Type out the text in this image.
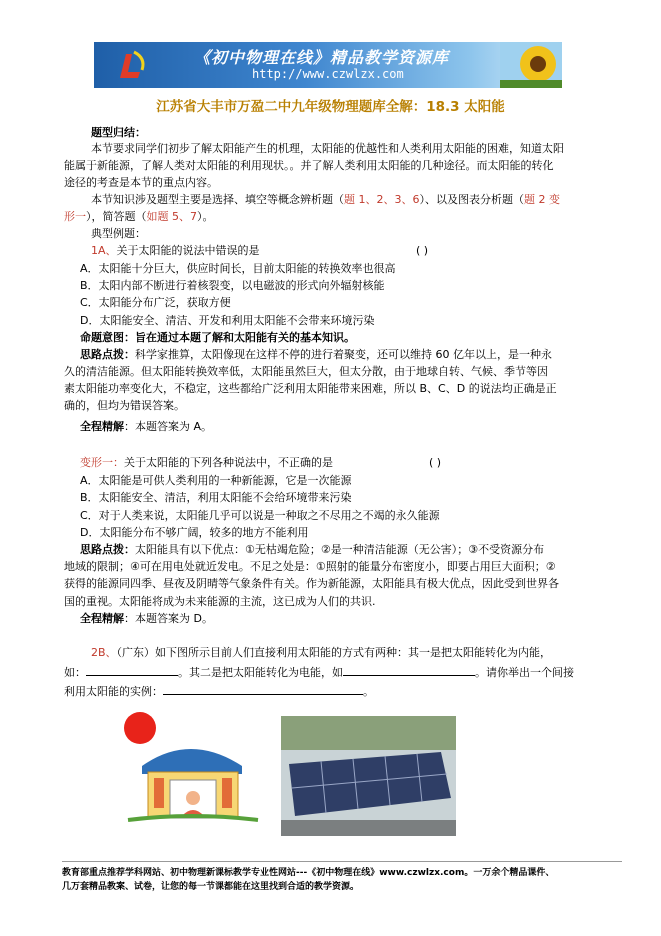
《初中物理在线》精品教学资源库
http://www.czwlzx.com
江苏省大丰市万盈二中九年级物理题库全解：18.3 太阳能
题型归结：
本节要求同学们初步了解太阳能产生的机理，太阳能的优越性和人类利用太阳能的困难，知道太阳
能属于新能源，了解人类对太阳能的利用现状。。并了解人类利用太阳能的几种途径。而太阳能的转化
途径的考查是本节的重点内容。
本节知识涉及题型主要是选择、填空等概念辨析题（题 1、2、3、6）、以及图表分析题（题 2 变
形一），简答题（如题 5、7）。
典型例题：
1A、关于太阳能的说法中错误的是	( )
A．太阳能十分巨大，供应时间长，目前太阳能的转换效率也很高
B．太阳内部不断进行着核裂变，以电磁波的形式向外辐射核能
C．太阳能分布广泛，获取方便
D．太阳能安全、清洁、开发和利用太阳能不会带来环境污染
命题意图：旨在通过本题了解和太阳能有关的基本知识。
思路点拨：科学家推算，太阳像现在这样不停的进行着聚变，还可以维持 60 亿年以上，是一种永
久的清洁能源。但太阳能转换效率低，太阳能虽然巨大，但太分散，由于地球自转、气候、季节等因
素太阳能功率变化大，不稳定，这些都给广泛利用太阳能带来困难，所以 B、C、D 的说法均正确是正
确的，但均为错误答案。
全程精解：本题答案为 A。
变形一：关于太阳能的下列各种说法中，不正确的是	( )
A．太阳能是可供人类利用的一种新能源，它是一次能源
B．太阳能安全、清洁，利用太阳能不会给环境带来污染
C．对于人类来说，太阳能几乎可以说是一种取之不尽用之不竭的永久能源
D．太阳能分布不够广阔，较多的地方不能利用
思路点拨：太阳能具有以下优点：①无枯竭危险；②是一种清洁能源（无公害）；③不受资源分布
地域的限制；④可在用电处就近发电。不足之处是：①照射的能量分布密度小，即要占用巨大面积；②
获得的能源同四季、昼夜及阴晴等气象条件有关。作为新能源，太阳能具有极大优点，因此受到世界各
国的重视。太阳能将成为未来能源的主流，这已成为人们的共识.
全程精解：本题答案为 D。
2B、（广东）如下图所示目前人们直接利用太阳能的方式有两种：其一是把太阳能转化为内能，
如：	。其二是把太阳能转化为电能，如	。请你举出一个间接
利用太阳能的实例：	。
教育部重点推荐学科网站、初中物理新课标教学专业性网站---《初中物理在线》www.czwlzx.com。一万余个精品课件、
几万套精品教案、试卷，让您的每一节课都能在这里找到合适的教学资源。
